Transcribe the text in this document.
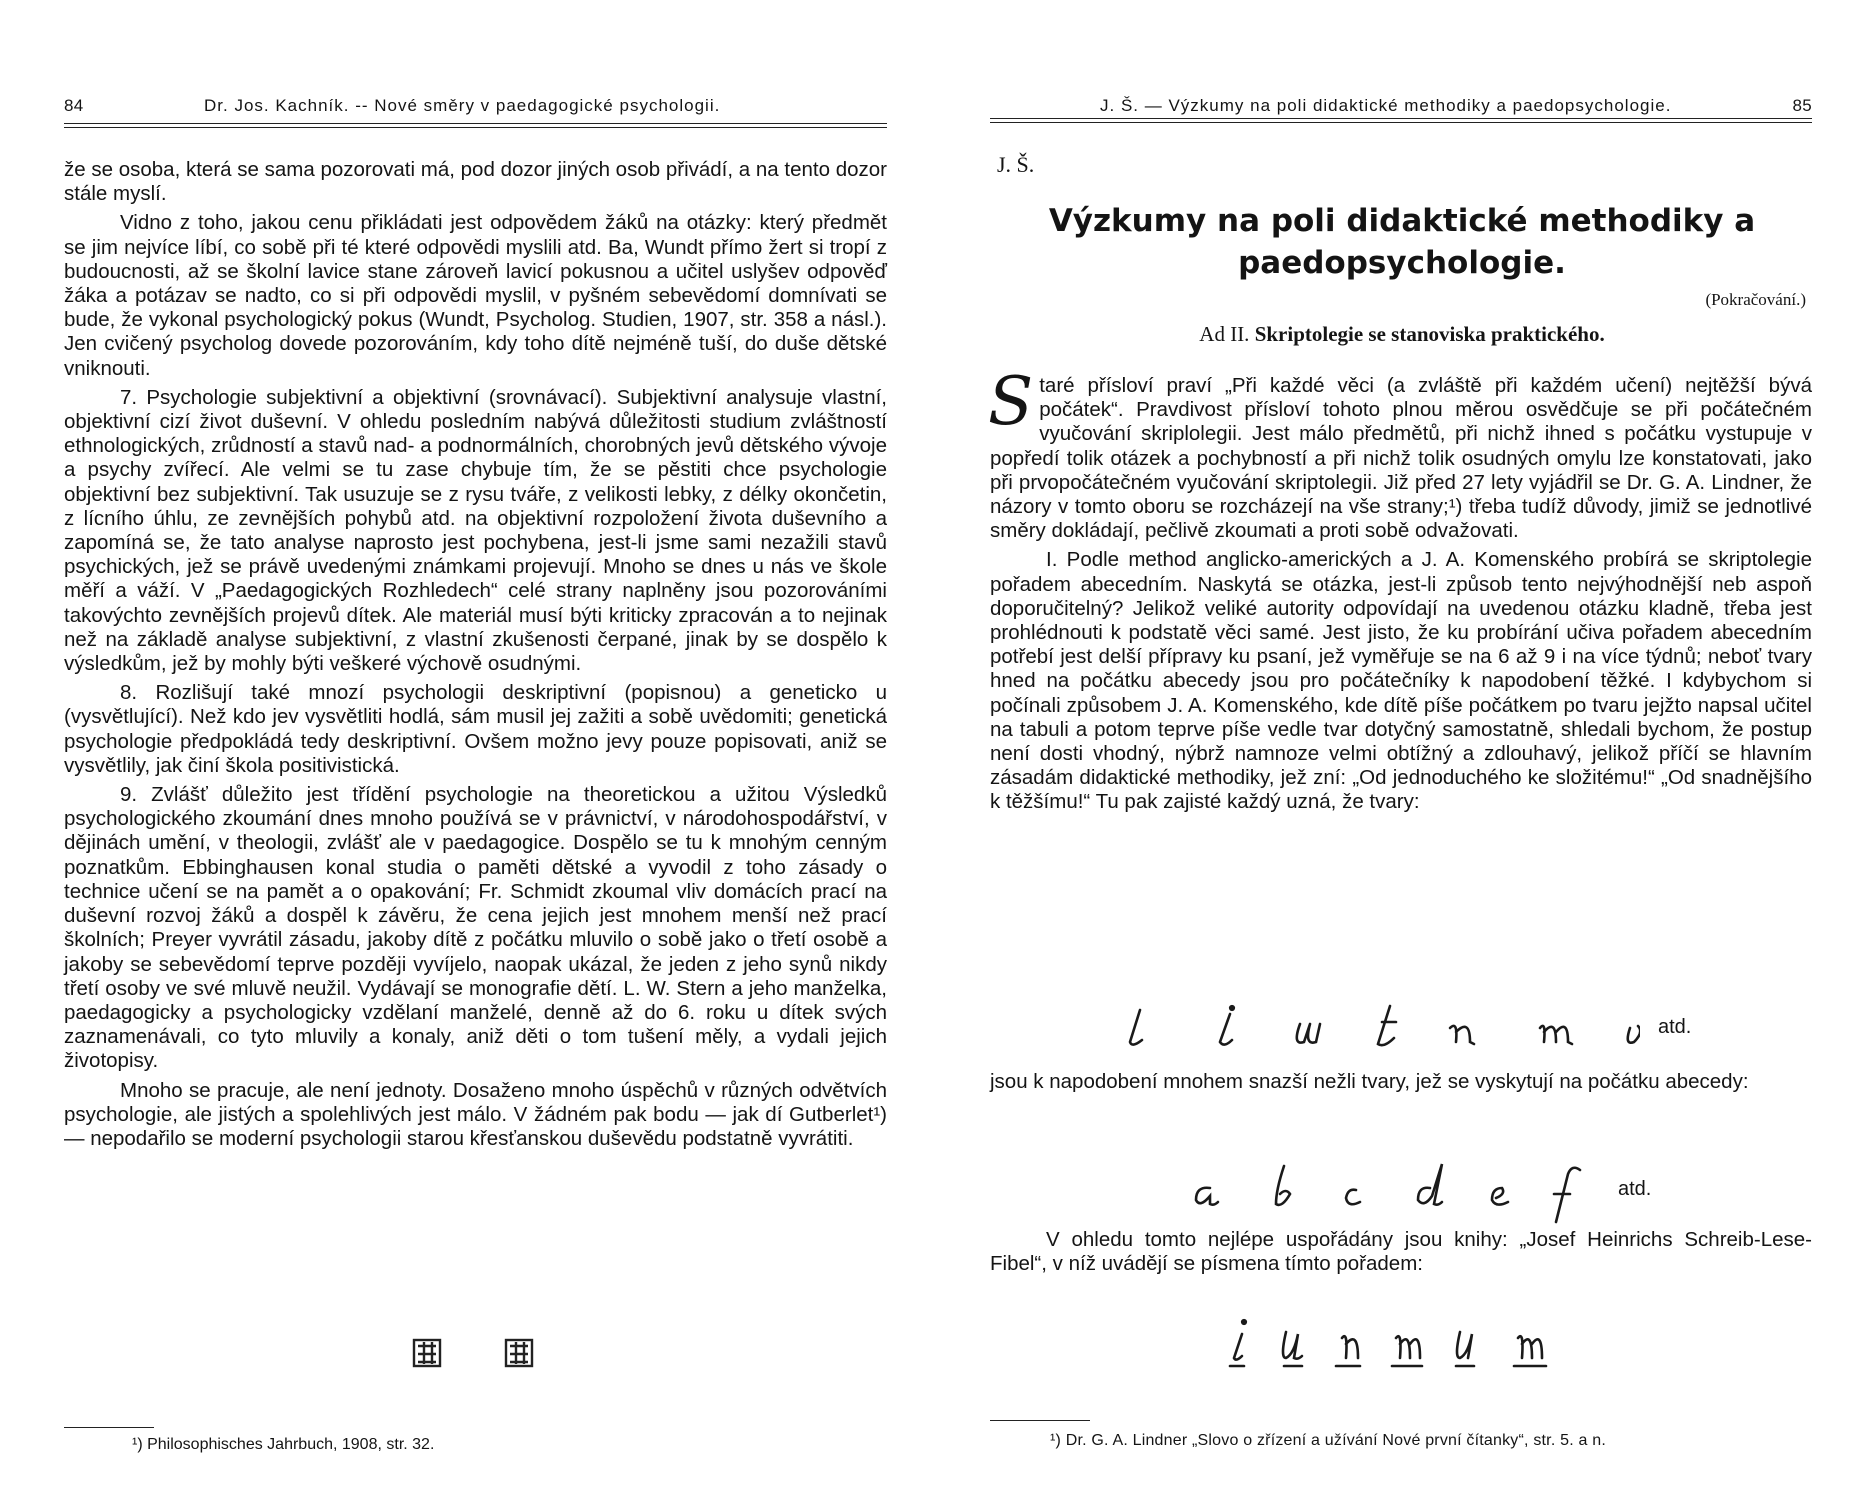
84	Dr. Jos. Kachník. -- Nové směry v paedagogické psychologii.

že se osoba, která se sama pozorovati má, pod dozor jiných osob přivádí, a na tento dozor stále myslí.

Vidno z toho, jakou cenu přikládati jest odpovědem žáků na otázky: který předmět se jim nejvíce líbí, co sobě při té které odpovědi myslili atd. Ba, Wundt přímo žert si tropí z budoucnosti, až se školní lavice stane zároveň lavicí pokusnou a učitel uslyšev odpověď žáka a potázav se nadto, co si při odpovědi myslil, v pyšném sebevědomí domnívati se bude, že vykonal psychologický pokus (Wundt, Psycholog. Studien, 1907, str. 358 a násl.). Jen cvičený psycholog dovede pozorováním, kdy toho dítě nejméně tuší, do duše dětské vniknouti.

7. Psychologie subjektivní a objektivní (srovnávací). Subjektivní analysuje vlastní, objektivní cizí život duševní. V ohledu posledním nabývá důležitosti studium zvláštností ethnologických, zrůdností a stavů nad- a podnormálních, chorobných jevů dětského vývoje a psychy zvířecí. Ale velmi se tu zase chybuje tím, že se pěstiti chce psychologie objektivní bez subjektivní. Tak usuzuje se z rysu tváře, z velikosti lebky, z délky okončetin, z lícního úhlu, ze zevnějších pohybů atd. na objektivní rozpoložení života duševního a zapomíná se, že tato analyse naprosto jest pochybena, jest-li jsme sami nezažili stavů psychických, jež se právě uvedenými známkami projevují. Mnoho se dnes u nás ve škole měří a váží. V „Paedagogických Rozhledech“ celé strany naplněny jsou pozorováními takovýchto zevnějších projevů dítek. Ale materiál musí býti kriticky zpracován a to nejinak než na základě analyse subjektivní, z vlastní zkušenosti čerpané, jinak by se dospělo k výsledkům, jež by mohly býti veškeré výchově osudnými.

8. Rozlišují také mnozí psychologii deskriptivní (popisnou) a geneticko u (vysvětlující). Než kdo jev vysvětliti hodlá, sám musil jej zažiti a sobě uvědomiti; genetická psychologie předpokládá tedy deskriptivní. Ovšem možno jevy pouze popisovati, aniž se vysvětlily, jak činí škola positivistická.

9. Zvlášť důležito jest třídění psychologie na theoretickou a užitou Výsledků psychologického zkoumání dnes mnoho používá se v právnictví, v národohospodářství, v dějinách umění, v theologii, zvlášť ale v paedagogice. Dospělo se tu k mnohým cenným poznatkům. Ebbinghausen konal studia o paměti dětské a vyvodil z toho zásady o technice učení se na pamět a o opakování; Fr. Schmidt zkoumal vliv domácích prací na duševní rozvoj žáků a dospěl k závěru, že cena jejich jest mnohem menší než prací školních; Preyer vyvrátil zásadu, jakoby dítě z počátku mluvilo o sobě jako o třetí osobě a jakoby se sebevědomí teprve později vyvíjelo, naopak ukázal, že jeden z jeho synů nikdy třetí osoby ve své mluvě neužil. Vydávají se monografie dětí. L. W. Stern a jeho manželka, paedagogicky a psychologicky vzdělaní manželé, denně až do 6. roku u dítek svých zaznamenávali, co tyto mluvily a konaly, aniž děti o tom tušení měly, a vydali jejich životopisy.

Mnoho se pracuje, ale není jednoty. Dosaženo mnoho úspěchů v různých odvětvích psychologie, ale jistých a spolehlivých jest málo. V žádném pak bodu — jak dí Gutberlet¹) — nepodařilo se moderní psychologii starou křesťanskou duševědu podstatně vyvrátiti.

¹) Philosophisches Jahrbuch, 1908, str. 32.
J. Š. — Výzkumy na poli didaktické methodiky a paedopsychologie.	85
J. Š.
Výzkumy na poli didaktické methodiky a paedopsychologie.
(Pokračování.)
Ad II. Skriptolegie se stanoviska praktického.

Staré přísloví praví „Při každé věci (a zvláště při každém učení) nejtěžší bývá počátek“. Pravdivost přísloví tohoto plnou měrou osvědčuje se při počátečném vyučování skriplolegii. Jest málo předmětů, při nichž ihned s počátku vystupuje v popředí tolik otázek a pochybností a při nichž tolik osudných omylu lze konstatovati, jako při prvopočátečném vyučování skriptolegii. Již před 27 lety vyjádřil se Dr. G. A. Lindner, že názory v tomto oboru se rozcházejí na vše strany;¹) třeba tudíž důvody, jimiž se jednotlivé směry dokládají, pečlivě zkoumati a proti sobě odvažovati.

I. Podle method anglicko-amerických a J. A. Komenského probírá se skriptolegie pořadem abecedním. Naskytá se otázka, jest-li způsob tento nejvýhodnější neb aspoň doporučitelný? Jelikož veliké autority odpovídají na uvedenou otázku kladně, třeba jest prohlédnouti k podstatě věci samé. Jest jisto, že ku probírání učiva pořadem abecedním potřebí jest delší přípravy ku psaní, jež vyměřuje se na 6 až 9 i na více týdnů; neboť tvary hned na počátku abecedy jsou pro počátečníky k napodobení těžké. I kdybychom si počínali způsobem J. A. Komenského, kde dítě píše počátkem po tvaru jejžto napsal učitel na tabuli a potom teprve píše vedle tvar dotyčný samostatně, shledali bychom, že postup není dosti vhodný, nýbrž namnoze velmi obtížný a zdlouhavý, jelikož příčí se hlavním zásadám didaktické methodiky, jež zní: „Od jednoduchého ke složitému!“ „Od snadnějšího k těžšímu!“ Tu pak zajisté každý uzná, že tvary:

atd.

jsou k napodobení mnohem snazší nežli tvary, jež se vyskytují na počátku abecedy:

atd.

V ohledu tomto nejlépe uspořádány jsou knihy: „Josef Heinrichs Schreib-Lese-Fibel“, v níž uvádějí se písmena tímto pořadem:

¹) Dr. G. A. Lindner „Slovo o zřízení a užívání Nové první čítanky“, str. 5. a n.
